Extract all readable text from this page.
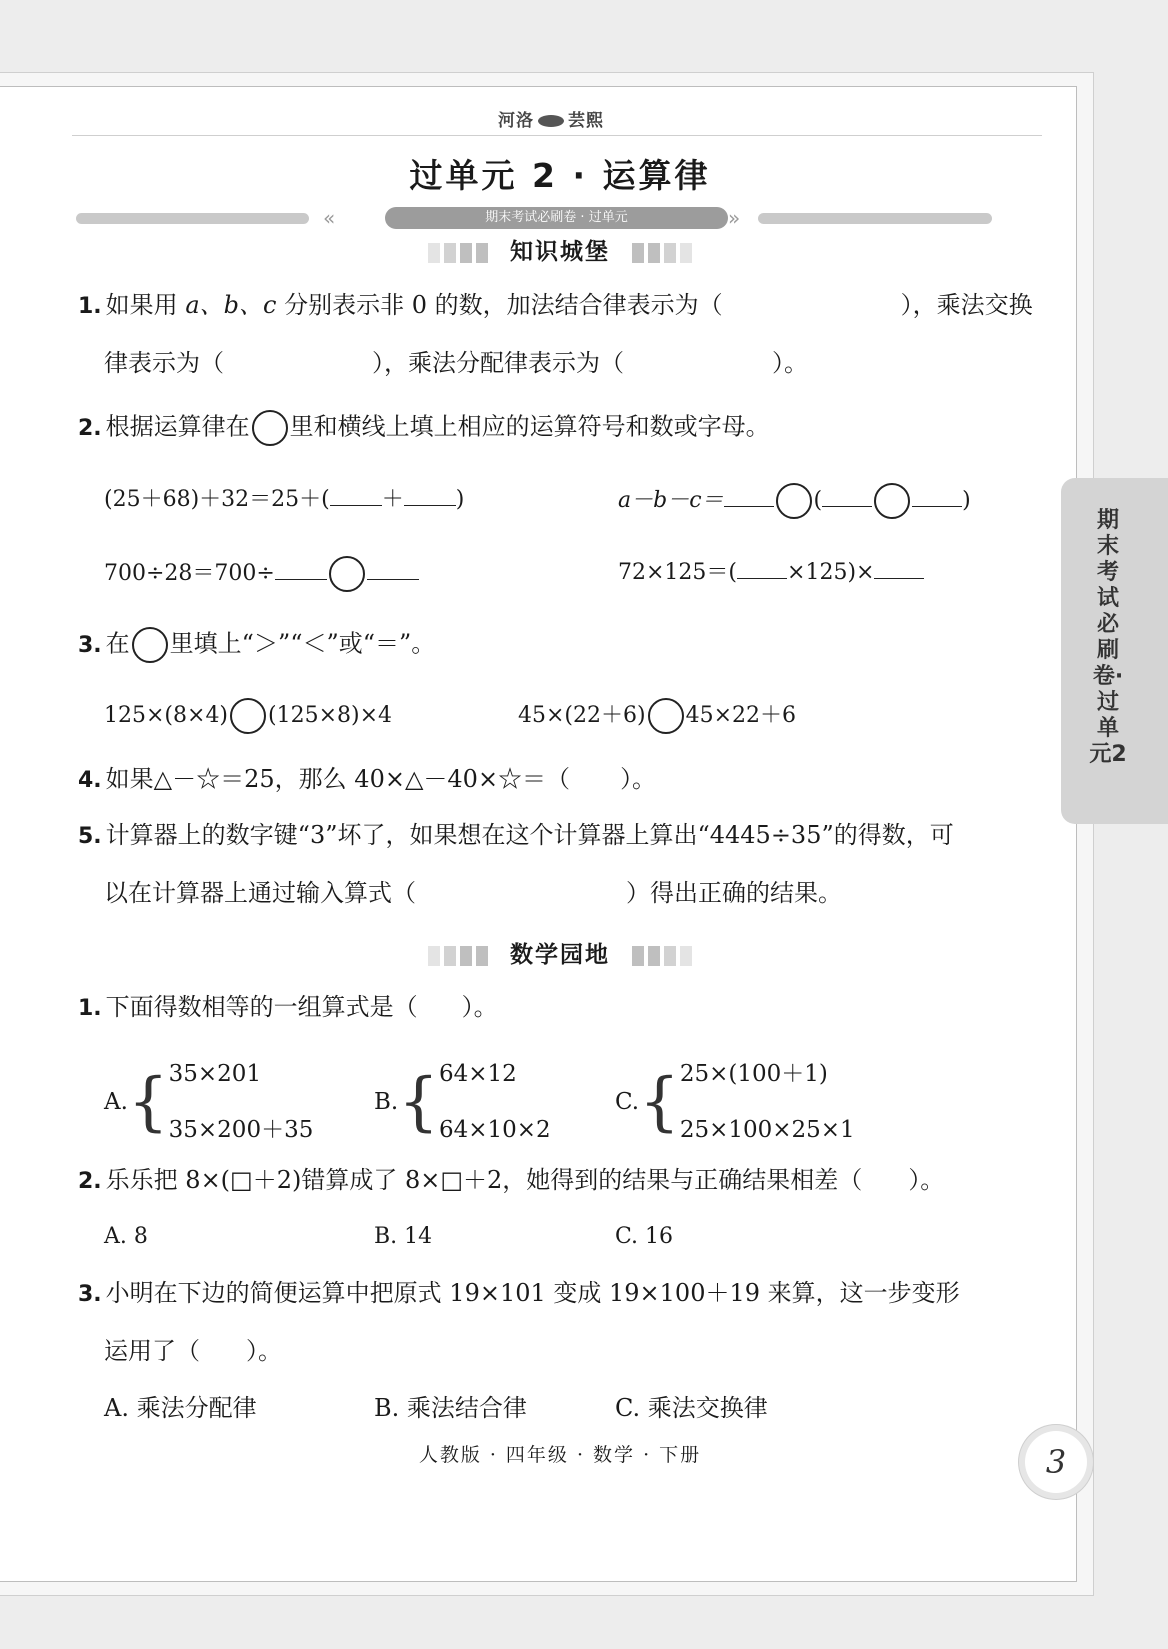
河洛 芸熙
过单元 2 · 运算律
«	期末考试必刷卷 · 过单元	»
知识城堡
1. 如果用 a、b、c 分别表示非 0 的数，加法结合律表示为（	），乘法交换
律表示为（	），乘法分配律表示为（	）。
2. 根据运算律在 里和横线上填上相应的运算符号和数或字母。
(25＋68)＋32＝25＋( ＋ )	a－b－c＝	(	)
700÷28＝700÷	72×125＝( ×125)×
3. 在 里填上“＞”“＜”或“＝”。
125×(8×4) (125×8)×4	45×(22＋6) 45×22＋6
4. 如果△－☆＝25，那么 40×△－40×☆＝（ ）。
5. 计算器上的数字键“3”坏了，如果想在这个计算器上算出“4445÷35”的得数，可
以在计算器上通过输入算式（	）得出正确的结果。
数学园地
1. 下面得数相等的一组算式是（ ）。
A.{35×201
35×200＋35
B.{64×12
64×10×2
C.{25×(100＋1)
25×100×25×1
2. 乐乐把 8×(□＋2)错算成了 8×□＋2，她得到的结果与正确结果相差（ ）。
A. 8	B. 14	C. 16
3. 小明在下边的简便运算中把原式 19×101 变成 19×100＋19 来算，这一步变形
运用了（ ）。
A. 乘法分配律	B. 乘法结合律	C. 乘法交换律
期末考试必刷卷·过单元2
人教版 · 四年级 · 数学 · 下册	3
